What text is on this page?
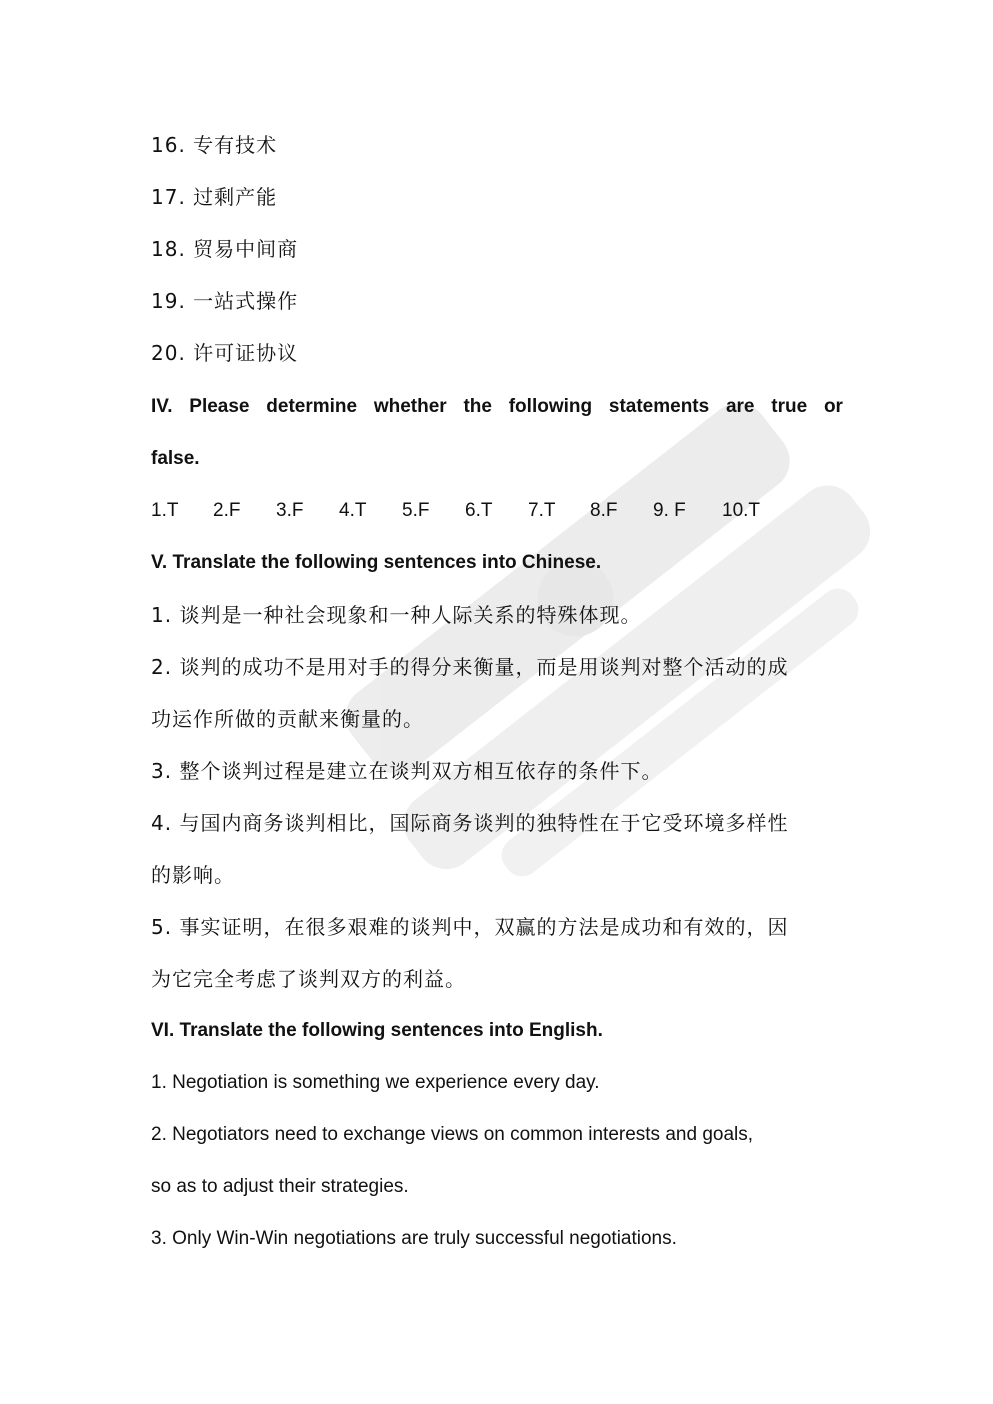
16. 专有技术

17. 过剩产能

18. 贸易中间商

19. 一站式操作

20. 许可证协议

IV. Please determine whether the following statements are true or

false.

1.T 2.F 3.F 4.T 5.F 6.T 7.T 8.F 9. F 10.T

V. Translate the following sentences into Chinese.

1. 谈判是一种社会现象和一种人际关系的特殊体现。

2. 谈判的成功不是用对手的得分来衡量，而是用谈判对整个活动的成

功运作所做的贡献来衡量的。

3. 整个谈判过程是建立在谈判双方相互依存的条件下。

4. 与国内商务谈判相比，国际商务谈判的独特性在于它受环境多样性

的影响。

5. 事实证明，在很多艰难的谈判中，双赢的方法是成功和有效的，因

为它完全考虑了谈判双方的利益。

VI. Translate the following sentences into English.

1. Negotiation is something we experience every day.

2. Negotiators need to exchange views on common interests and goals,

so as to adjust their strategies.

3. Only Win-Win negotiations are truly successful negotiations.
